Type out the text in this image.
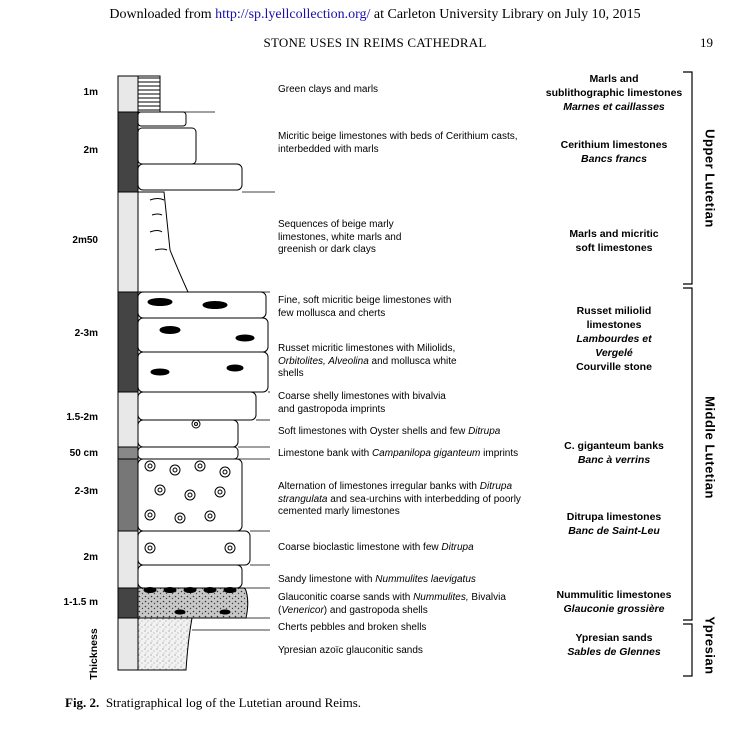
Downloaded from http://sp.lyellcollection.org/ at Carleton University Library on July 10, 2015
STONE USES IN REIMS CATHEDRAL	19
1m
2m
2m50
2-3m
1.5-2m
50 cm
2-3m
2m
1-1.5 m
Thickness
Green clays and marls
Micritic beige limestones with beds of Cerithium casts, interbedded with marls
Sequences of beige marly limestones, white marls and greenish or dark clays
Fine, soft micritic beige limestones with few mollusca and cherts
Russet micritic limestones with Miliolids, Orbitolites, Alveolina and mollusca white shells
Coarse shelly limestones with bivalvia and gastropoda imprints
Soft limestones with Oyster shells and few Ditrupa
Limestone bank with Campanilopa giganteum imprints
Alternation of limestones irregular banks with Ditrupa strangulata and sea-urchins with interbedding of poorly cemented marly limestones
Coarse bioclastic limestone with few Ditrupa
Sandy limestone with Nummulites laevigatus
Glauconitic coarse sands with Nummulites, Bivalvia (Venericor) and gastropoda shells
Cherts pebbles and broken shells
Ypresian azoïc glauconitic sands
Marls and
sublithographic limestones
Marnes et caillasses
Cerithium limestones
Bancs francs
Marls and micritic
soft limestones
Russet miliolid
limestones
Lambourdes et
Vergelé
Courville stone
C. giganteum banks
Banc à verrins
Ditrupa limestones
Banc de Saint-Leu
Nummulitic limestones
Glauconie grossière
Ypresian sands
Sables de Glennes
Upper Lutetian
Middle Lutetian
Ypresian
Fig. 2. Stratigraphical log of the Lutetian around Reims.
